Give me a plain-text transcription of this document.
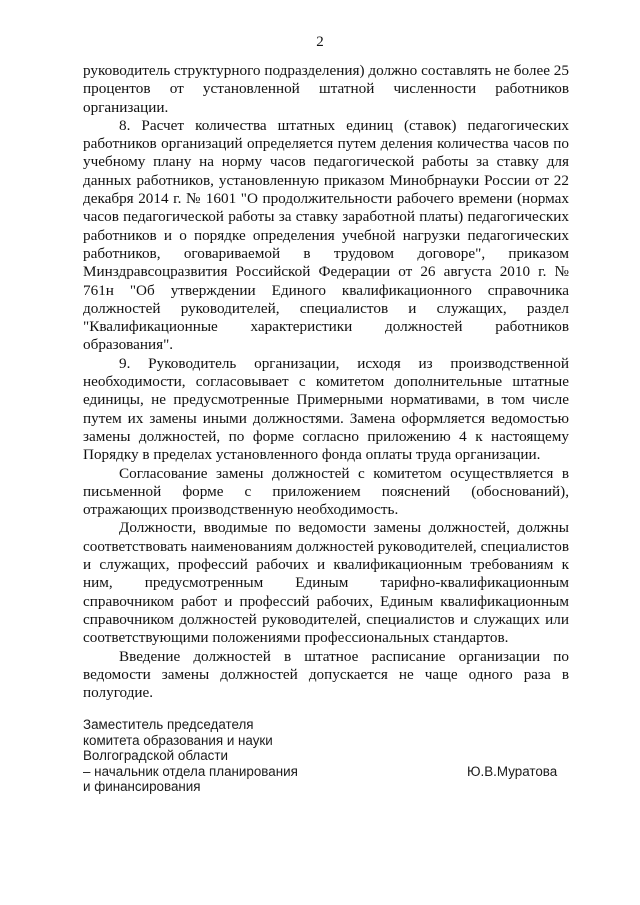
2

руководитель структурного подразделения) должно составлять не более 25 процентов от установленной штатной численности работников организации.

8. Расчет количества штатных единиц (ставок) педагогических работников организаций определяется путем деления количества часов по учебному плану на норму часов педагогической работы за ставку для данных работников, установленную приказом Минобрнауки России от 22 декабря 2014 г. № 1601 "О продолжительности рабочего времени (нормах часов педагогической работы за ставку заработной платы) педагогических работников и о порядке определения учебной нагрузки педагогических работников, оговариваемой в трудовом договоре", приказом Минздравсоцразвития Российской Федерации от 26 августа 2010 г. № 761н "Об утверждении Единого квалификационного справочника должностей руководителей, специалистов и служащих, раздел "Квалификационные характеристики должностей работников образования".

9. Руководитель организации, исходя из производственной необходимости, согласовывает с комитетом дополнительные штатные единицы, не предусмотренные Примерными нормативами, в том числе путем их замены иными должностями. Замена оформляется ведомостью замены должностей, по форме согласно приложению 4 к настоящему Порядку в пределах установленного фонда оплаты труда организации.

Согласование замены должностей с комитетом осуществляется в письменной форме с приложением пояснений (обоснований), отражающих производственную необходимость.

Должности, вводимые по ведомости замены должностей, должны соответствовать наименованиям должностей руководителей, специалистов и служащих, профессий рабочих и квалификационным требованиям к ним, предусмотренным Единым тарифно-квалификационным справочником работ и профессий рабочих, Единым квалификационным справочником должностей руководителей, специалистов и служащих или соответствующими положениями профессиональных стандартов.

Введение должностей в штатное расписание организации по ведомости замены должностей допускается не чаще одного раза в полугодие.

Заместитель председателя
комитета образования и науки
Волгоградской области
– начальник отдела планирования
и финансирования
Ю.В.Муратова
